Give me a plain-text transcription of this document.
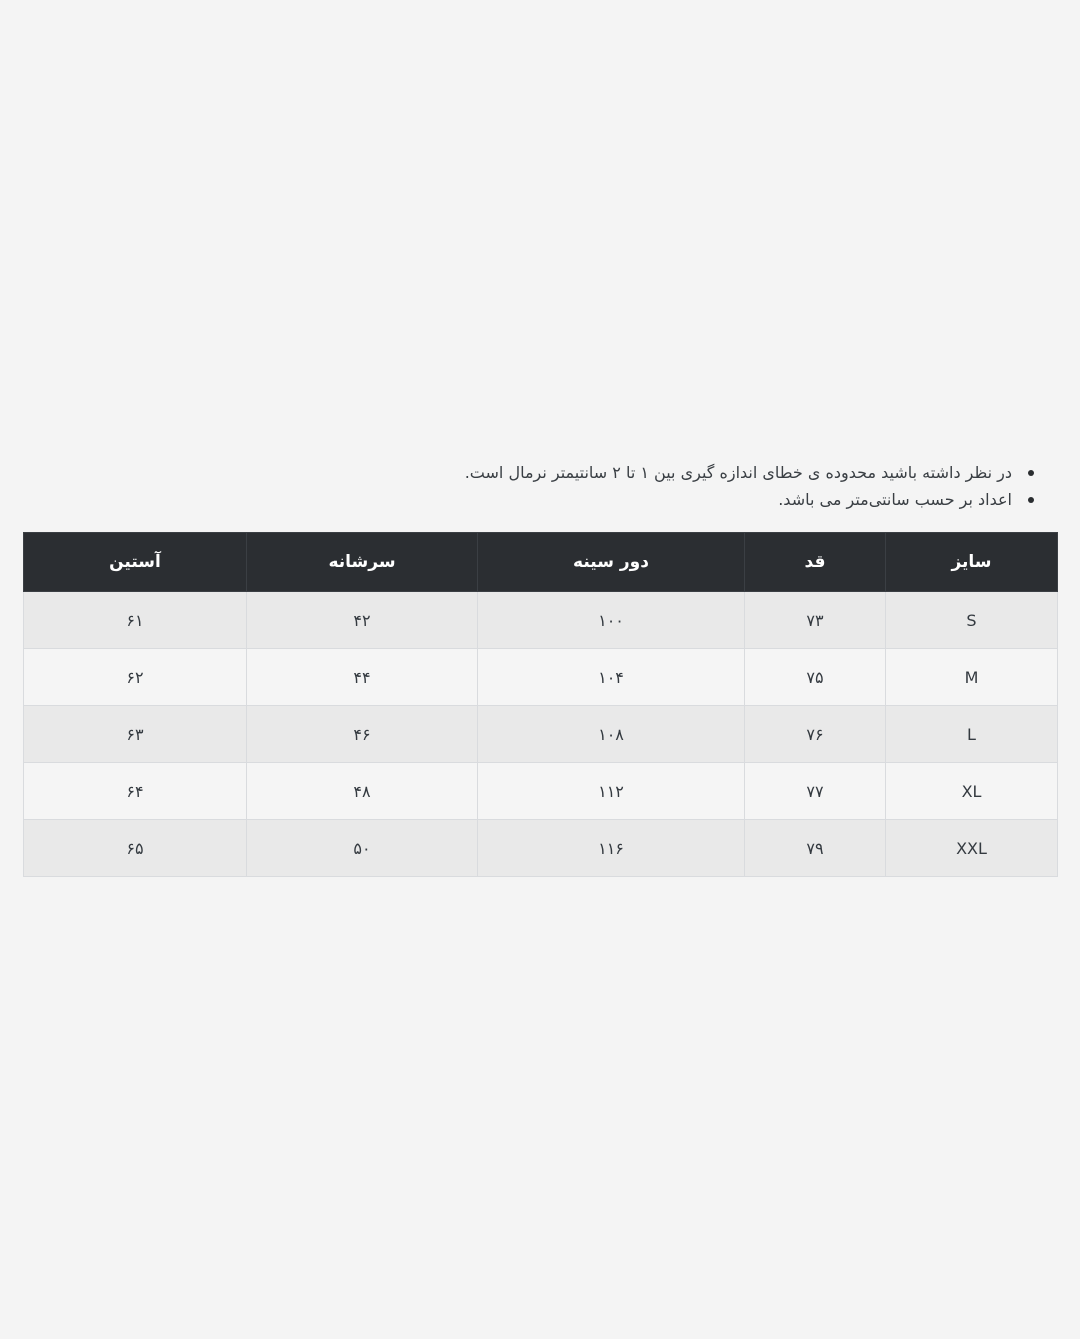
در نظر داشته باشید محدوده ی خطای اندازه گیری بین ۱ تا ۲ سانتیمتر نرمال است.
اعداد بر حسب سانتی‌متر می باشد.
سایز	قد	دور سینه	سرشانه	آستین
S	۷۳	۱۰۰	۴۲	۶۱
M	۷۵	۱۰۴	۴۴	۶۲
L	۷۶	۱۰۸	۴۶	۶۳
XL	۷۷	۱۱۲	۴۸	۶۴
XXL	۷۹	۱۱۶	۵۰	۶۵
